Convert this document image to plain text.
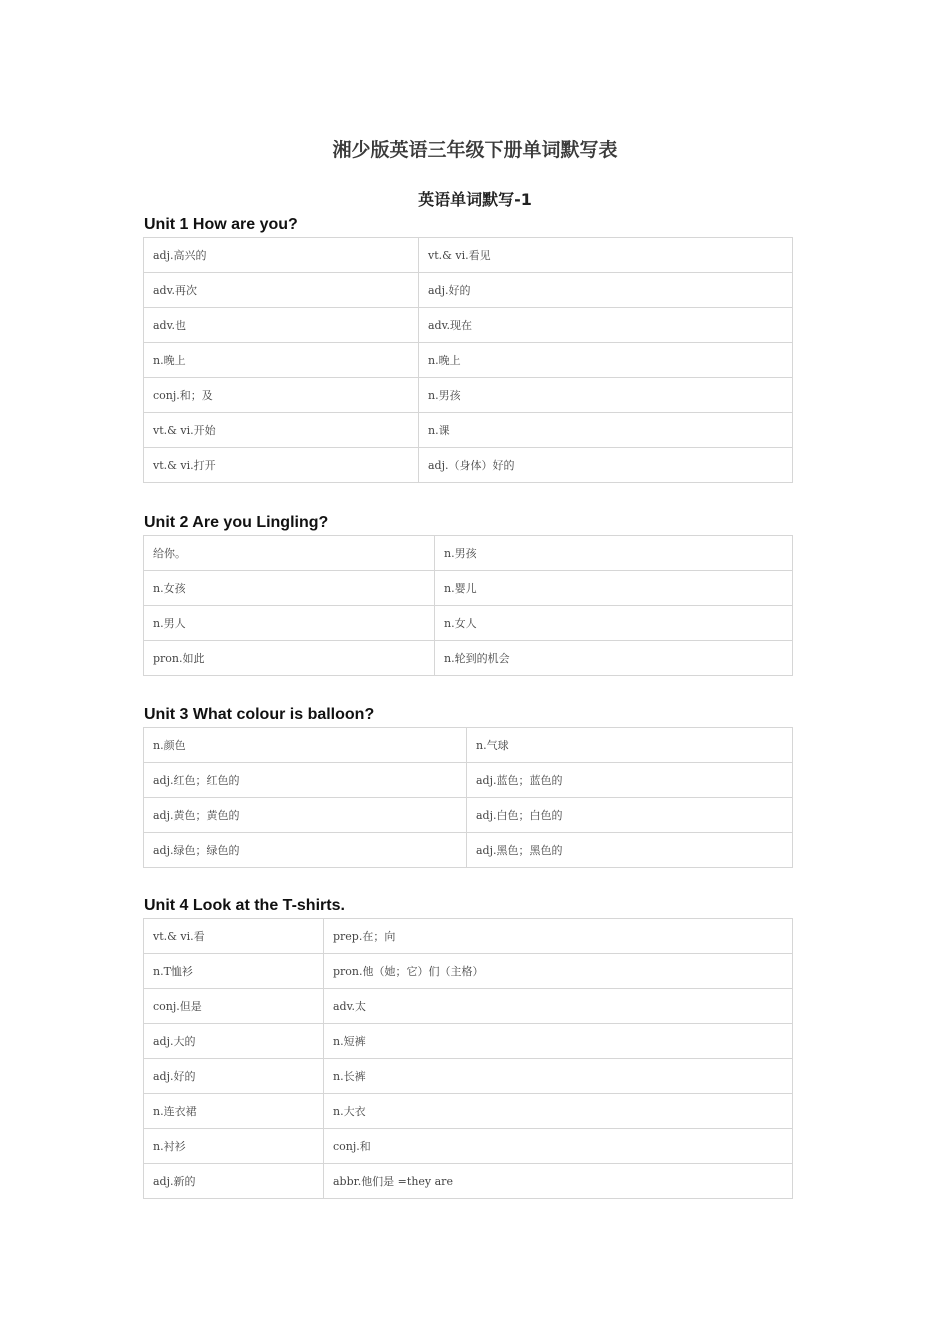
湘少版英语三年级下册单词默写表
英语单词默写-1
Unit 1 How are you?
adj.高兴的	vt.& vi.看见
adv.再次	adj.好的
adv.也	adv.现在
n.晚上	n.晚上
conj.和；及	n.男孩
vt.& vi.开始	n.课
vt.& vi.打开	adj.（身体）好的
Unit 2 Are you Lingling?
给你。	n.男孩
n.女孩	n.婴儿
n.男人	n.女人
pron.如此	n.轮到的机会
Unit 3 What colour is balloon?
n.颜色	n.气球
adj.红色；红色的	adj.蓝色；蓝色的
adj.黄色；黄色的	adj.白色；白色的
adj.绿色；绿色的	adj.黑色；黑色的
Unit 4 Look at the T-shirts.
vt.& vi.看	prep.在；向
n.T恤衫	pron.他（她；它）们（主格）
conj.但是	adv.太
adj.大的	n.短裤
adj.好的	n.长裤
n.连衣裙	n.大衣
n.衬衫	conj.和
adj.新的	abbr.他们是 =they are
